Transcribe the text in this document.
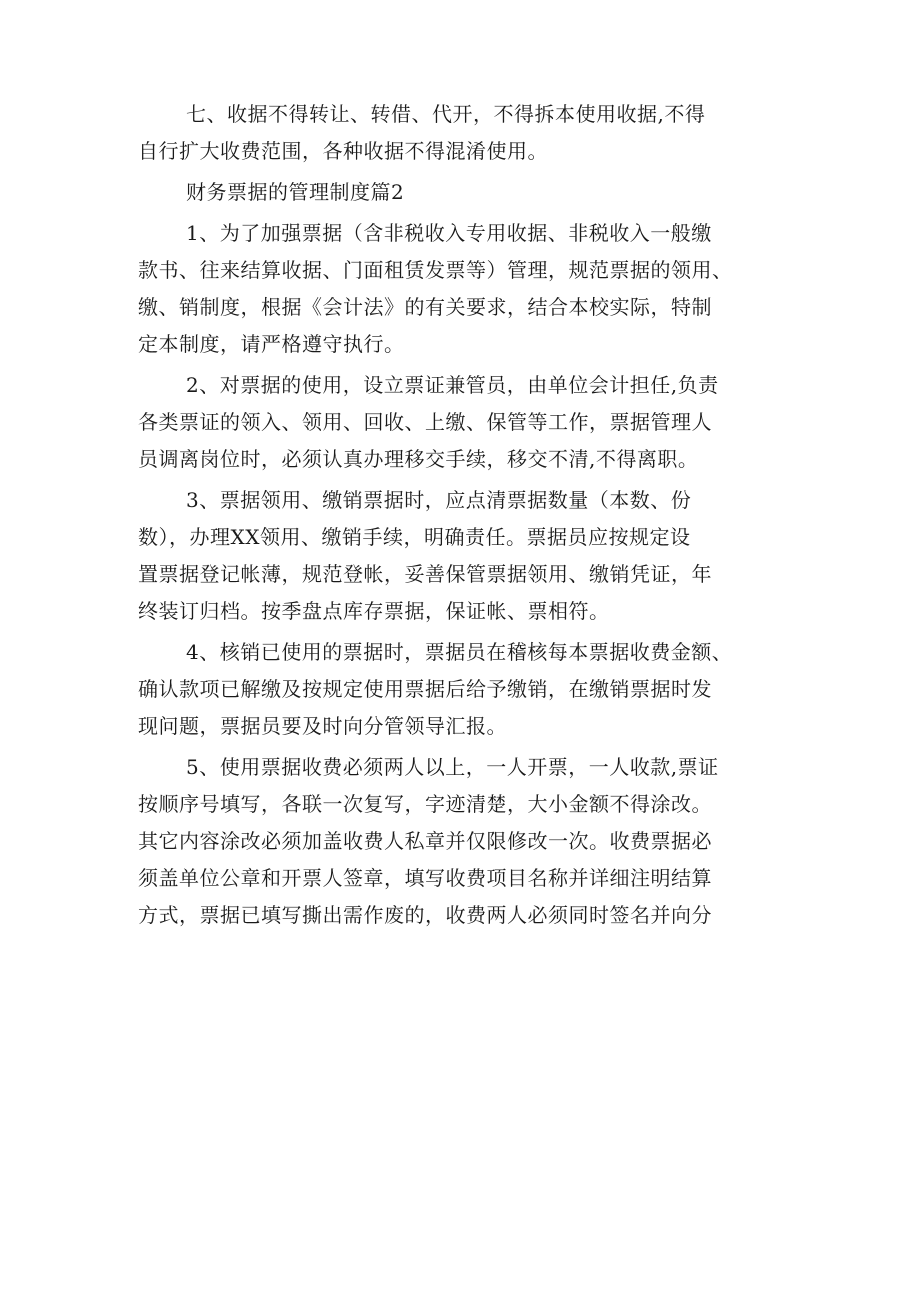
七、收据不得转让、转借、代开，不得拆本使用收据,不得
自行扩大收费范围，各种收据不得混淆使用。
财务票据的管理制度篇2
1、为了加强票据（含非税收入专用收据、非税收入一般缴
款书、往来结算收据、门面租赁发票等）管理，规范票据的领用、
缴、销制度，根据《会计法》的有关要求，结合本校实际，特制
定本制度，请严格遵守执行。
2、对票据的使用，设立票证兼管员，由单位会计担任,负责
各类票证的领入、领用、回收、上缴、保管等工作，票据管理人
员调离岗位时，必须认真办理移交手续，移交不清,不得离职。
3、票据领用、缴销票据时，应点清票据数量（本数、份
数），办理XX领用、缴销手续，明确责任。票据员应按规定设
置票据登记帐薄，规范登帐，妥善保管票据领用、缴销凭证，年
终装订归档。按季盘点库存票据，保证帐、票相符。
4、核销已使用的票据时，票据员在稽核每本票据收费金额、
确认款项已解缴及按规定使用票据后给予缴销，在缴销票据时发
现问题，票据员要及时向分管领导汇报。
5、使用票据收费必须两人以上，一人开票，一人收款,票证
按顺序号填写，各联一次复写，字迹清楚，大小金额不得涂改。
其它内容涂改必须加盖收费人私章并仅限修改一次。收费票据必
须盖单位公章和开票人签章，填写收费项目名称并详细注明结算
方式，票据已填写撕出需作废的，收费两人必须同时签名并向分
